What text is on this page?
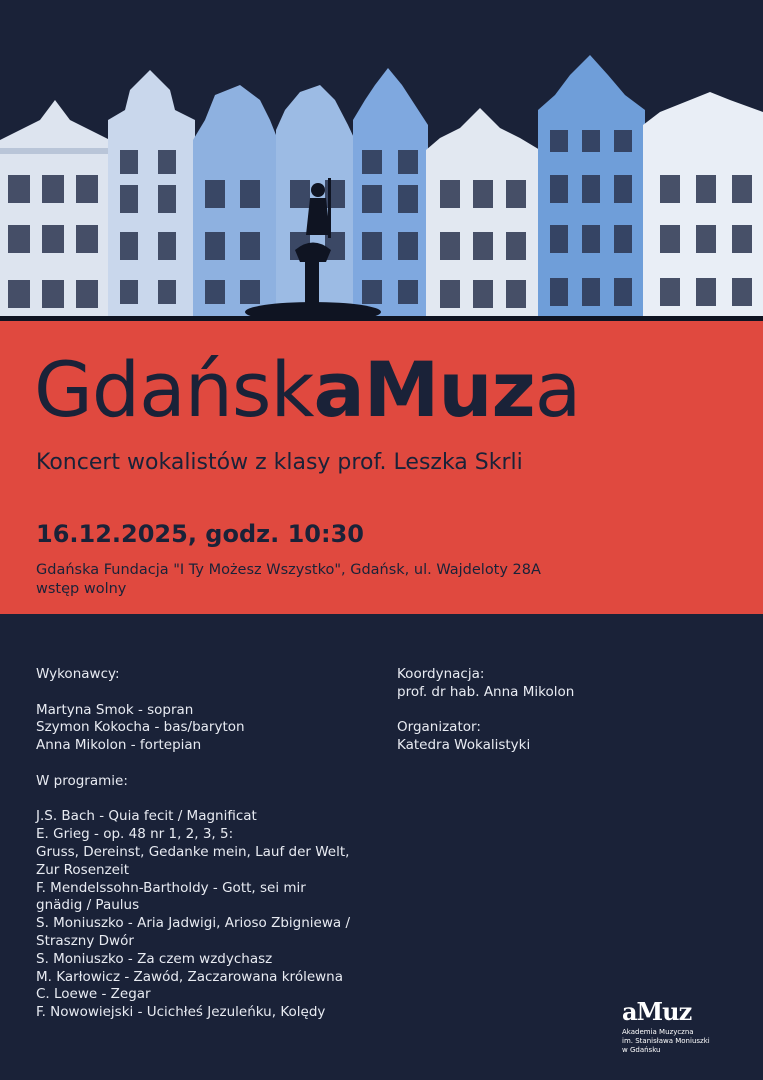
GdańskaMuza
Koncert wokalistów z klasy prof. Leszka Skrli
16.12.2025, godz. 10:30
Gdańska Fundacja "I Ty Możesz Wszystko", Gdańsk, ul. Wajdeloty 28A
wstęp wolny
Wykonawcy:
Martyna Smok - sopran
Szymon Kokocha - bas/baryton
Anna Mikolon - fortepian
W programie:
J.S. Bach - Quia fecit / Magnificat
E. Grieg - op. 48 nr 1, 2, 3, 5:
Gruss, Dereinst, Gedanke mein, Lauf der Welt,
Zur Rosenzeit
F. Mendelssohn-Bartholdy - Gott, sei mir
gnädig / Paulus
S. Moniuszko - Aria Jadwigi, Arioso Zbigniewa /
Straszny Dwór
S. Moniuszko - Za czem wzdychasz
M. Karłowicz - Zawód, Zaczarowana królewna
C. Loewe - Zegar
F. Nowowiejski - Ucichłeś Jezuleńku, Kolędy
Koordynacja:
prof. dr hab. Anna Mikolon
Organizator:
Katedra Wokalistyki
aMuz
Akademia Muzyczna
im. Stanisława Moniuszki
w Gdańsku
